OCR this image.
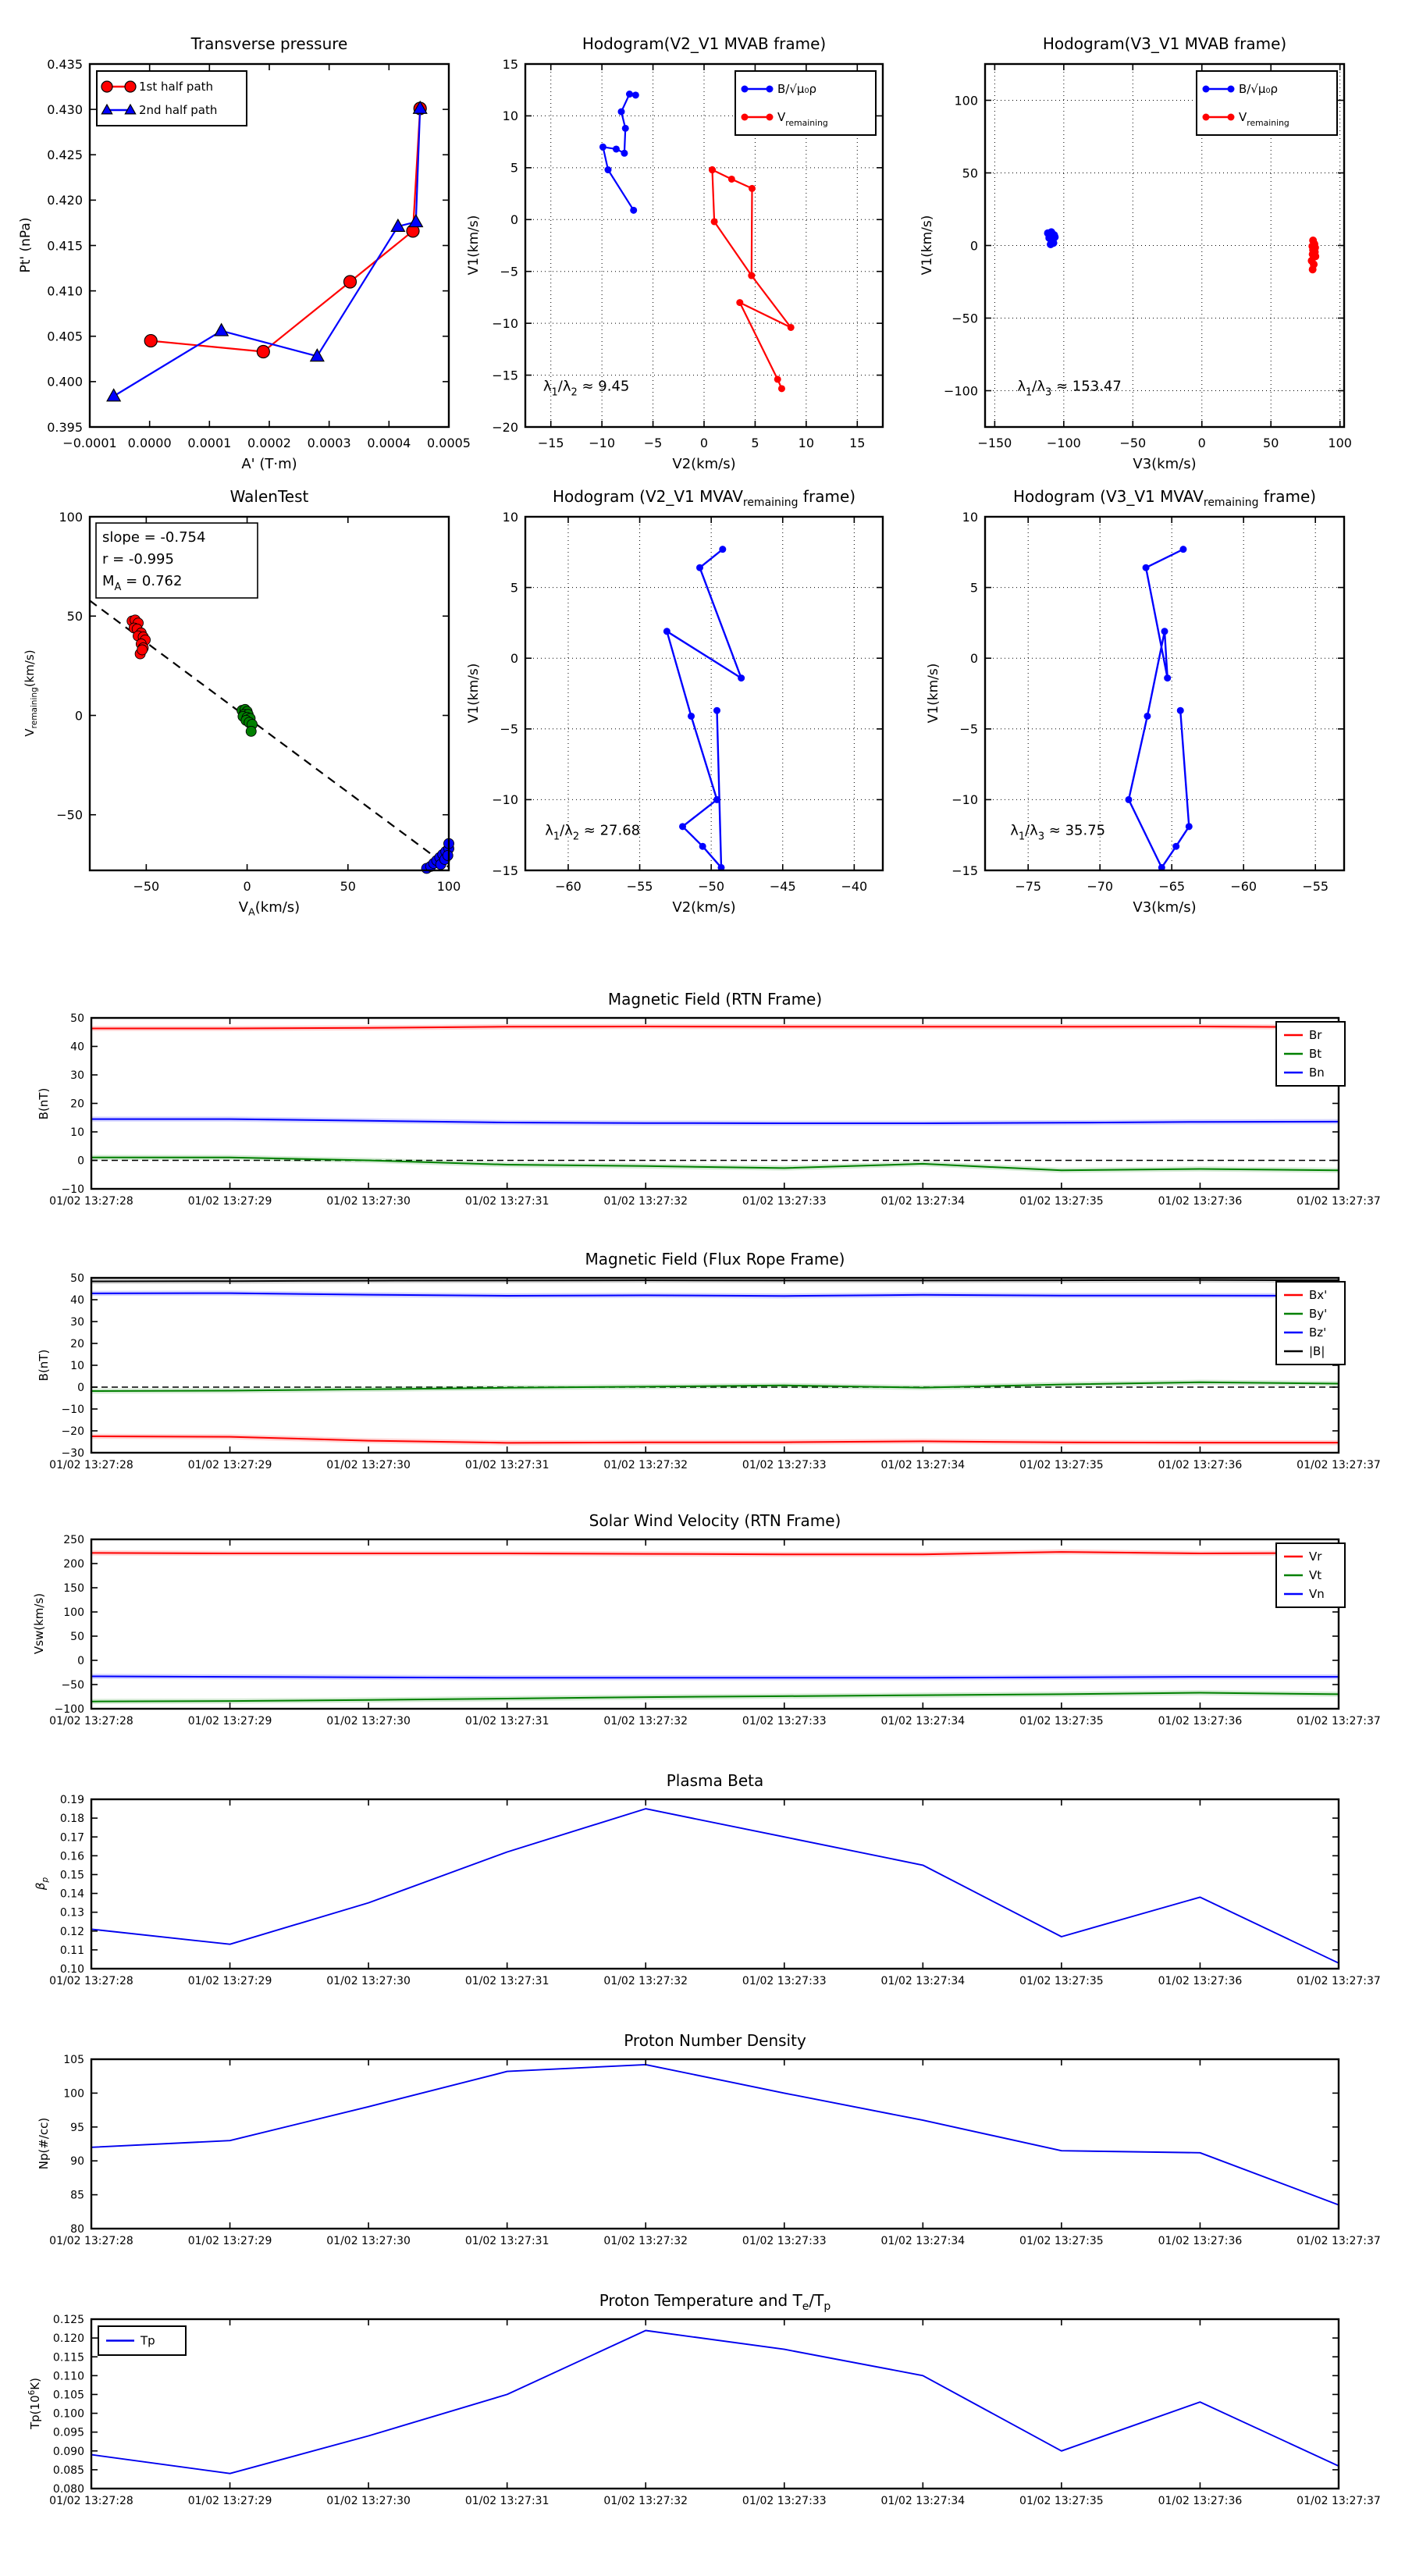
−0.0001 0.0000 0.0001 0.0002 0.0003 0.0004 0.0005
0.395
0.400
0.405
0.410
0.415
0.420
0.425
0.430
0.435
1st half path
2nd half path
−15 −10 −5	0	5	10	15
−20
−15
−10
−5
0
5
10
15
B/√μ₀ρ
$V_{remaining}$
$\lambda_1/\lambda_2 \approx 9.45$
−150	−100	−50	0	50	100
−100
−50
0
50
100
B/√μ₀ρ
$V_{remaining}$
$\lambda_1/\lambda_3 \approx 153.47$
−50	0	50	100
−50
0
50
100
slope = -0.754
r = -0.995
$M_A = 0.762$
−60	−55	−50	−45	−40
−15
−10
−5
0
5
10
$\lambda_1/\lambda_2 \approx 27.68$
−75	−70	−65	−60	−55
−15
−10
−5
0
5
10
$\lambda_1/\lambda_3 \approx 35.75$
01/02 13:27:28	01/02 13:27:29	01/02 13:27:30	01/02 13:27:31	01/02 13:27:32	01/02 13:27:33	01/02 13:27:34	01/02 13:27:35	01/02 13:27:36	01/02 13:27:37
−10
0
10
20
30
40
50
Br
Bt
Bn
01/02 13:27:28	01/02 13:27:29	01/02 13:27:30	01/02 13:27:31	01/02 13:27:32	01/02 13:27:33	01/02 13:27:34	01/02 13:27:35	01/02 13:27:36	01/02 13:27:37
−30
−20
−10
0
10
20
30
40
50
Bx'
By'
Bz'
|B|
01/02 13:27:28	01/02 13:27:29	01/02 13:27:30	01/02 13:27:31	01/02 13:27:32	01/02 13:27:33	01/02 13:27:34	01/02 13:27:35	01/02 13:27:36	01/02 13:27:37
−100
−50
0
50
100
150
200
250
Vr
Vt
Vn
01/02 13:27:28	01/02 13:27:29	01/02 13:27:30	01/02 13:27:31	01/02 13:27:32	01/02 13:27:33	01/02 13:27:34	01/02 13:27:35	01/02 13:27:36	01/02 13:27:37
0.10
0.11
0.12
0.13
0.14
0.15
0.16
0.17
0.18
0.19
01/02 13:27:28	01/02 13:27:29	01/02 13:27:30	01/02 13:27:31	01/02 13:27:32	01/02 13:27:33	01/02 13:27:34	01/02 13:27:35	01/02 13:27:36	01/02 13:27:37
80
85
90
95
100
105
01/02 13:27:28	01/02 13:27:29	01/02 13:27:30	01/02 13:27:31	01/02 13:27:32	01/02 13:27:33	01/02 13:27:34	01/02 13:27:35	01/02 13:27:36	01/02 13:27:37
0.080
0.085
0.090
0.095
0.100
0.105
0.110
0.115
0.120
0.125
Tp
Transverse pressure	Hodogram(V2_V1 MVAB frame)	Hodogram(V3_V1 MVAB frame)
WalenTest	Hodogram (V2_V1 $MVAV_{remaining}$ frame)	Hodogram (V3_V1 $MVAV_{remaining}$ frame)
Magnetic Field (RTN Frame)
Magnetic Field (Flux Rope Frame)
Solar Wind Velocity (RTN Frame)
Plasma Beta
Proton Number Density
Proton Temperature and $T_e/T_p$
A' (T·m)	V2(km/s)	V3(km/s)
$V_A(km/s)$	V2(km/s)	V3(km/s)
Pt' (nPa)	V1(km/s)	V1(km/s)
$V_{remaining}(km/s)$	V1(km/s)	V1(km/s)
B(nT)
B(nT)
Vsw(km/s)
$\beta_p$
Np(#/cc)
$Tp(10^6K)$
